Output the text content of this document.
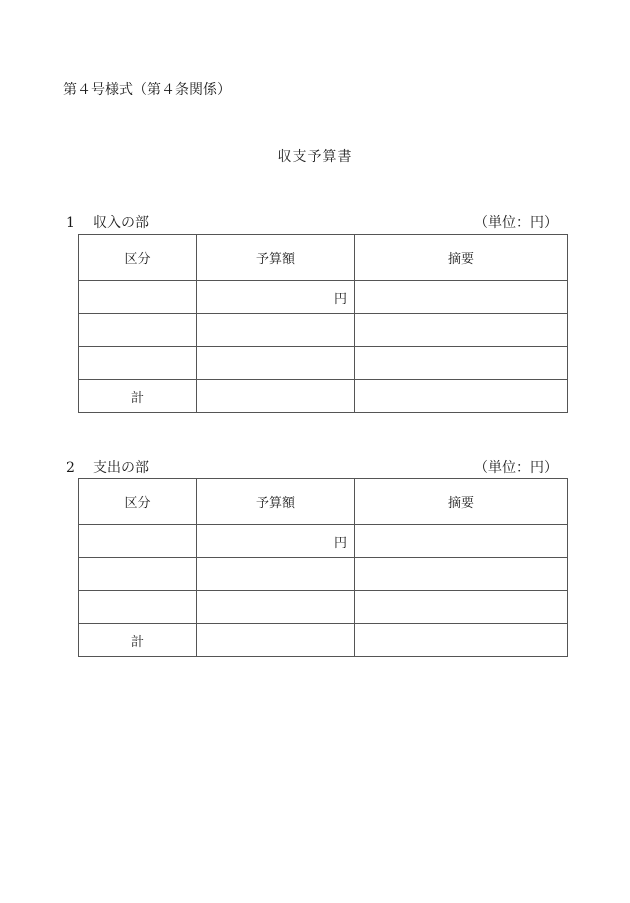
第４号様式（第４条関係）
収支予算書
1 収入の部	（単位：円）
区分	予算額	摘要
	円	

計		
2 支出の部	（単位：円）
区分	予算額	摘要
	円	

計		
